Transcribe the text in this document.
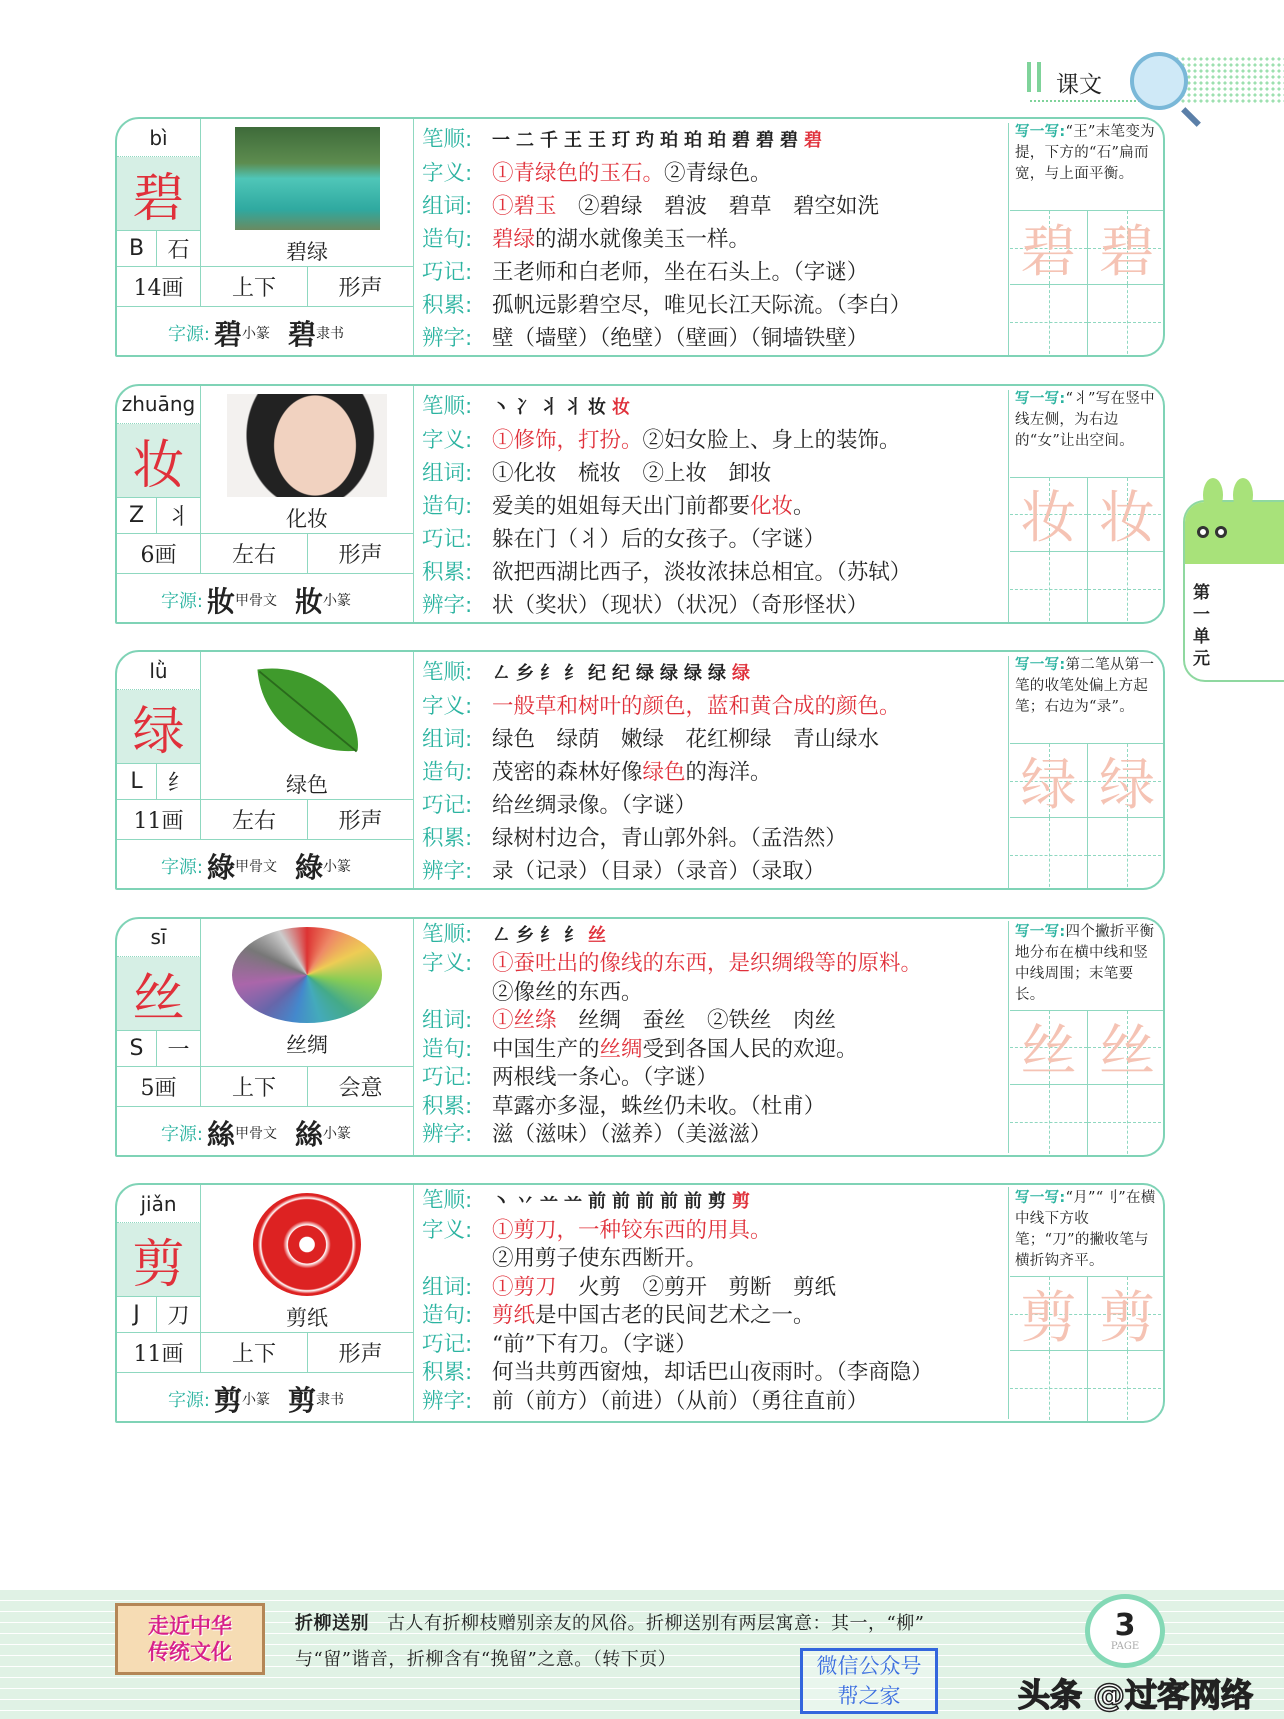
课文
bì
碧
B	石	碧绿
14画	上下	形声
字源: 碧 小篆 碧 隶书
笔顺:	一 二 千 王 王 玎 玓 珀 珀 珀 碧 碧 碧 碧
字义: ①青绿色的玉石。②青绿色。
组词: ①碧玉　②碧绿　碧波　碧草　碧空如洗
造句: 碧绿的湖水就像美玉一样。
巧记: 王老师和白老师，坐在石头上。（字谜）
积累: 孤帆远影碧空尽，唯见长江天际流。（李白）
辨字: 壁（墙壁）（绝壁）（壁画）（铜墙铁壁）
写一写:“王”末笔变为提，下方的“石”扁而宽，与上面平衡。
碧 碧
zhuāng
妆
Z	丬	化妆
6画	左右	形声
字源: 妝 甲骨文 妝 小篆
笔顺:	丶 冫 丬 丬 妆 妆
字义: ①修饰，打扮。②妇女脸上、身上的装饰。
组词: ①化妆　梳妆　②上妆　卸妆
造句: 爱美的姐姐每天出门前都要化妆。
巧记: 躲在门（丬）后的女孩子。（字谜）
积累: 欲把西湖比西子，淡妆浓抹总相宜。（苏轼）
辨字: 状（奖状）（现状）（状况）（奇形怪状）
写一写:“丬”写在竖中线左侧，为右边的“女”让出空间。
妆 妆
lǜ
绿
L	纟	绿色
11画	左右	形声
字源: 綠 甲骨文 綠 小篆
笔顺:	㇜ 乡 纟 纟 纪 纪 绿 绿 绿 绿 绿
字义: 一般草和树叶的颜色，蓝和黄合成的颜色。
组词: 绿色　绿荫　嫩绿　花红柳绿　青山绿水
造句: 茂密的森林好像绿色的海洋。
巧记: 给丝绸录像。（字谜）
积累: 绿树村边合，青山郭外斜。（孟浩然）
辨字: 录（记录）（目录）（录音）（录取）
写一写:第二笔从第一笔的收笔处偏上方起笔；右边为“录”。
绿 绿
sī
丝
S	一	丝绸
5画	上下	会意
字源: 絲 甲骨文 絲 小篆
笔顺:	㇜ 乡 纟 纟 丝
字义: ①蚕吐出的像线的东西，是织绸缎等的原料。
②像丝的东西。
组词: ①丝绦　丝绸　蚕丝　②铁丝　肉丝
造句: 中国生产的丝绸受到各国人民的欢迎。
巧记: 两根线一条心。（字谜）
积累: 草露亦多湿，蛛丝仍未收。（杜甫）
辨字: 滋（滋味）（滋养）（美滋滋）
写一写:四个撇折平衡地分布在横中线和竖中线周围；末笔要长。
丝 丝
jiǎn
剪
J	刀	剪纸
11画	上下	形声
字源: 剪 小篆 剪 隶书
笔顺:	丶 丷 䒑 䒑 前 前 前 前 前 剪 剪
字义: ①剪刀，一种铰东西的用具。
②用剪子使东西断开。
组词: ①剪刀　火剪　②剪开　剪断　剪纸
造句: 剪纸是中国古老的民间艺术之一。
巧记: “前”下有刀。（字谜）
积累: 何当共剪西窗烛，却话巴山夜雨时。（李商隐）
辨字: 前（前方）（前进）（从前）（勇往直前）
写一写:“月”“刂”在横中线下方收笔；“刀”的撇收笔与横折钩齐平。
剪 剪
第一单元
走近中华
传统文化
折柳送别 古人有折柳枝赠别亲友的风俗。折柳送别有两层寓意：其一，“柳”
与“留”谐音，折柳含有“挽留”之意。（转下页）
3
PAGE
微信公众号
帮之家	头条 @过客网络
